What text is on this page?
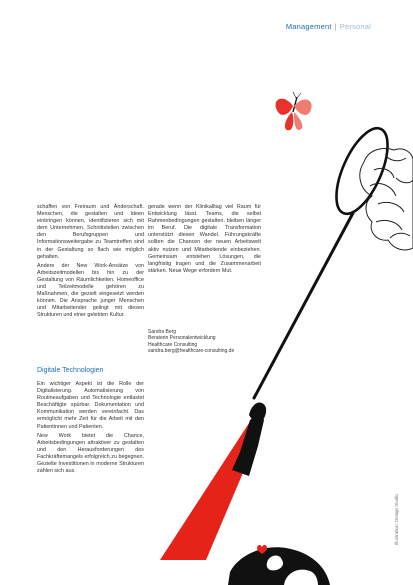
Management | Personal

schaffen von Freiraum und Änderschaft. Menschen, die gestalten und Ideen einbringen können, identifizieren sich mit dem Unternehmen. Schnittstellen zwischen den Berufsgruppen und Informationsweitergabe zu Teamtreffen sind in der Gestaltung so flach wie möglich gehalten.

Andere der New Work-Ansätze von Arbeitszeitmodellen bis hin zu der Gestaltung von Räumlichkeiten. Homeoffice und Teilzeitmodelle gehören zu Maßnahmen, die gezielt eingesetzt werden können. Die Ansprache junger Menschen und Mitarbeitender gelingt mit diesen Strukturen und einer gelebten Kultur.

gerade wenn der Klinikalltag viel Raum für Entwicklung lässt. Teams, die selbst Rahmenbedingungen gestalten, bleiben länger im Beruf. Die digitale Transformation unterstützt diesen Wandel. Führungskräfte sollten die Chancen der neuen Arbeitswelt aktiv nutzen und Mitarbeitende einbeziehen. Gemeinsam entstehen Lösungen, die langfristig tragen und die Zusammenarbeit stärken. Neue Wege erfordern Mut.

Sandra Berg
Beraterin Personalentwicklung
Healthcare Consulting
sandra.berg@healthcare-consulting.de
Digitale Technologien

Ein wichtiger Aspekt ist die Rolle der Digitalisierung. Automatisierung von Routineaufgaben und Technologie entlastet Beschäftigte spürbar. Dokumentation und Kommunikation werden vereinfacht. Das ermöglicht mehr Zeit für die Arbeit mit den Patientinnen und Patienten.

New Work bietet die Chance, Arbeitsbedingungen attraktiver zu gestalten und den Herausforderungen des Fachkräftemangels erfolgreich zu begegnen. Gezielte Investitionen in moderne Strukturen zahlen sich aus.

Illustration: Design Studio
